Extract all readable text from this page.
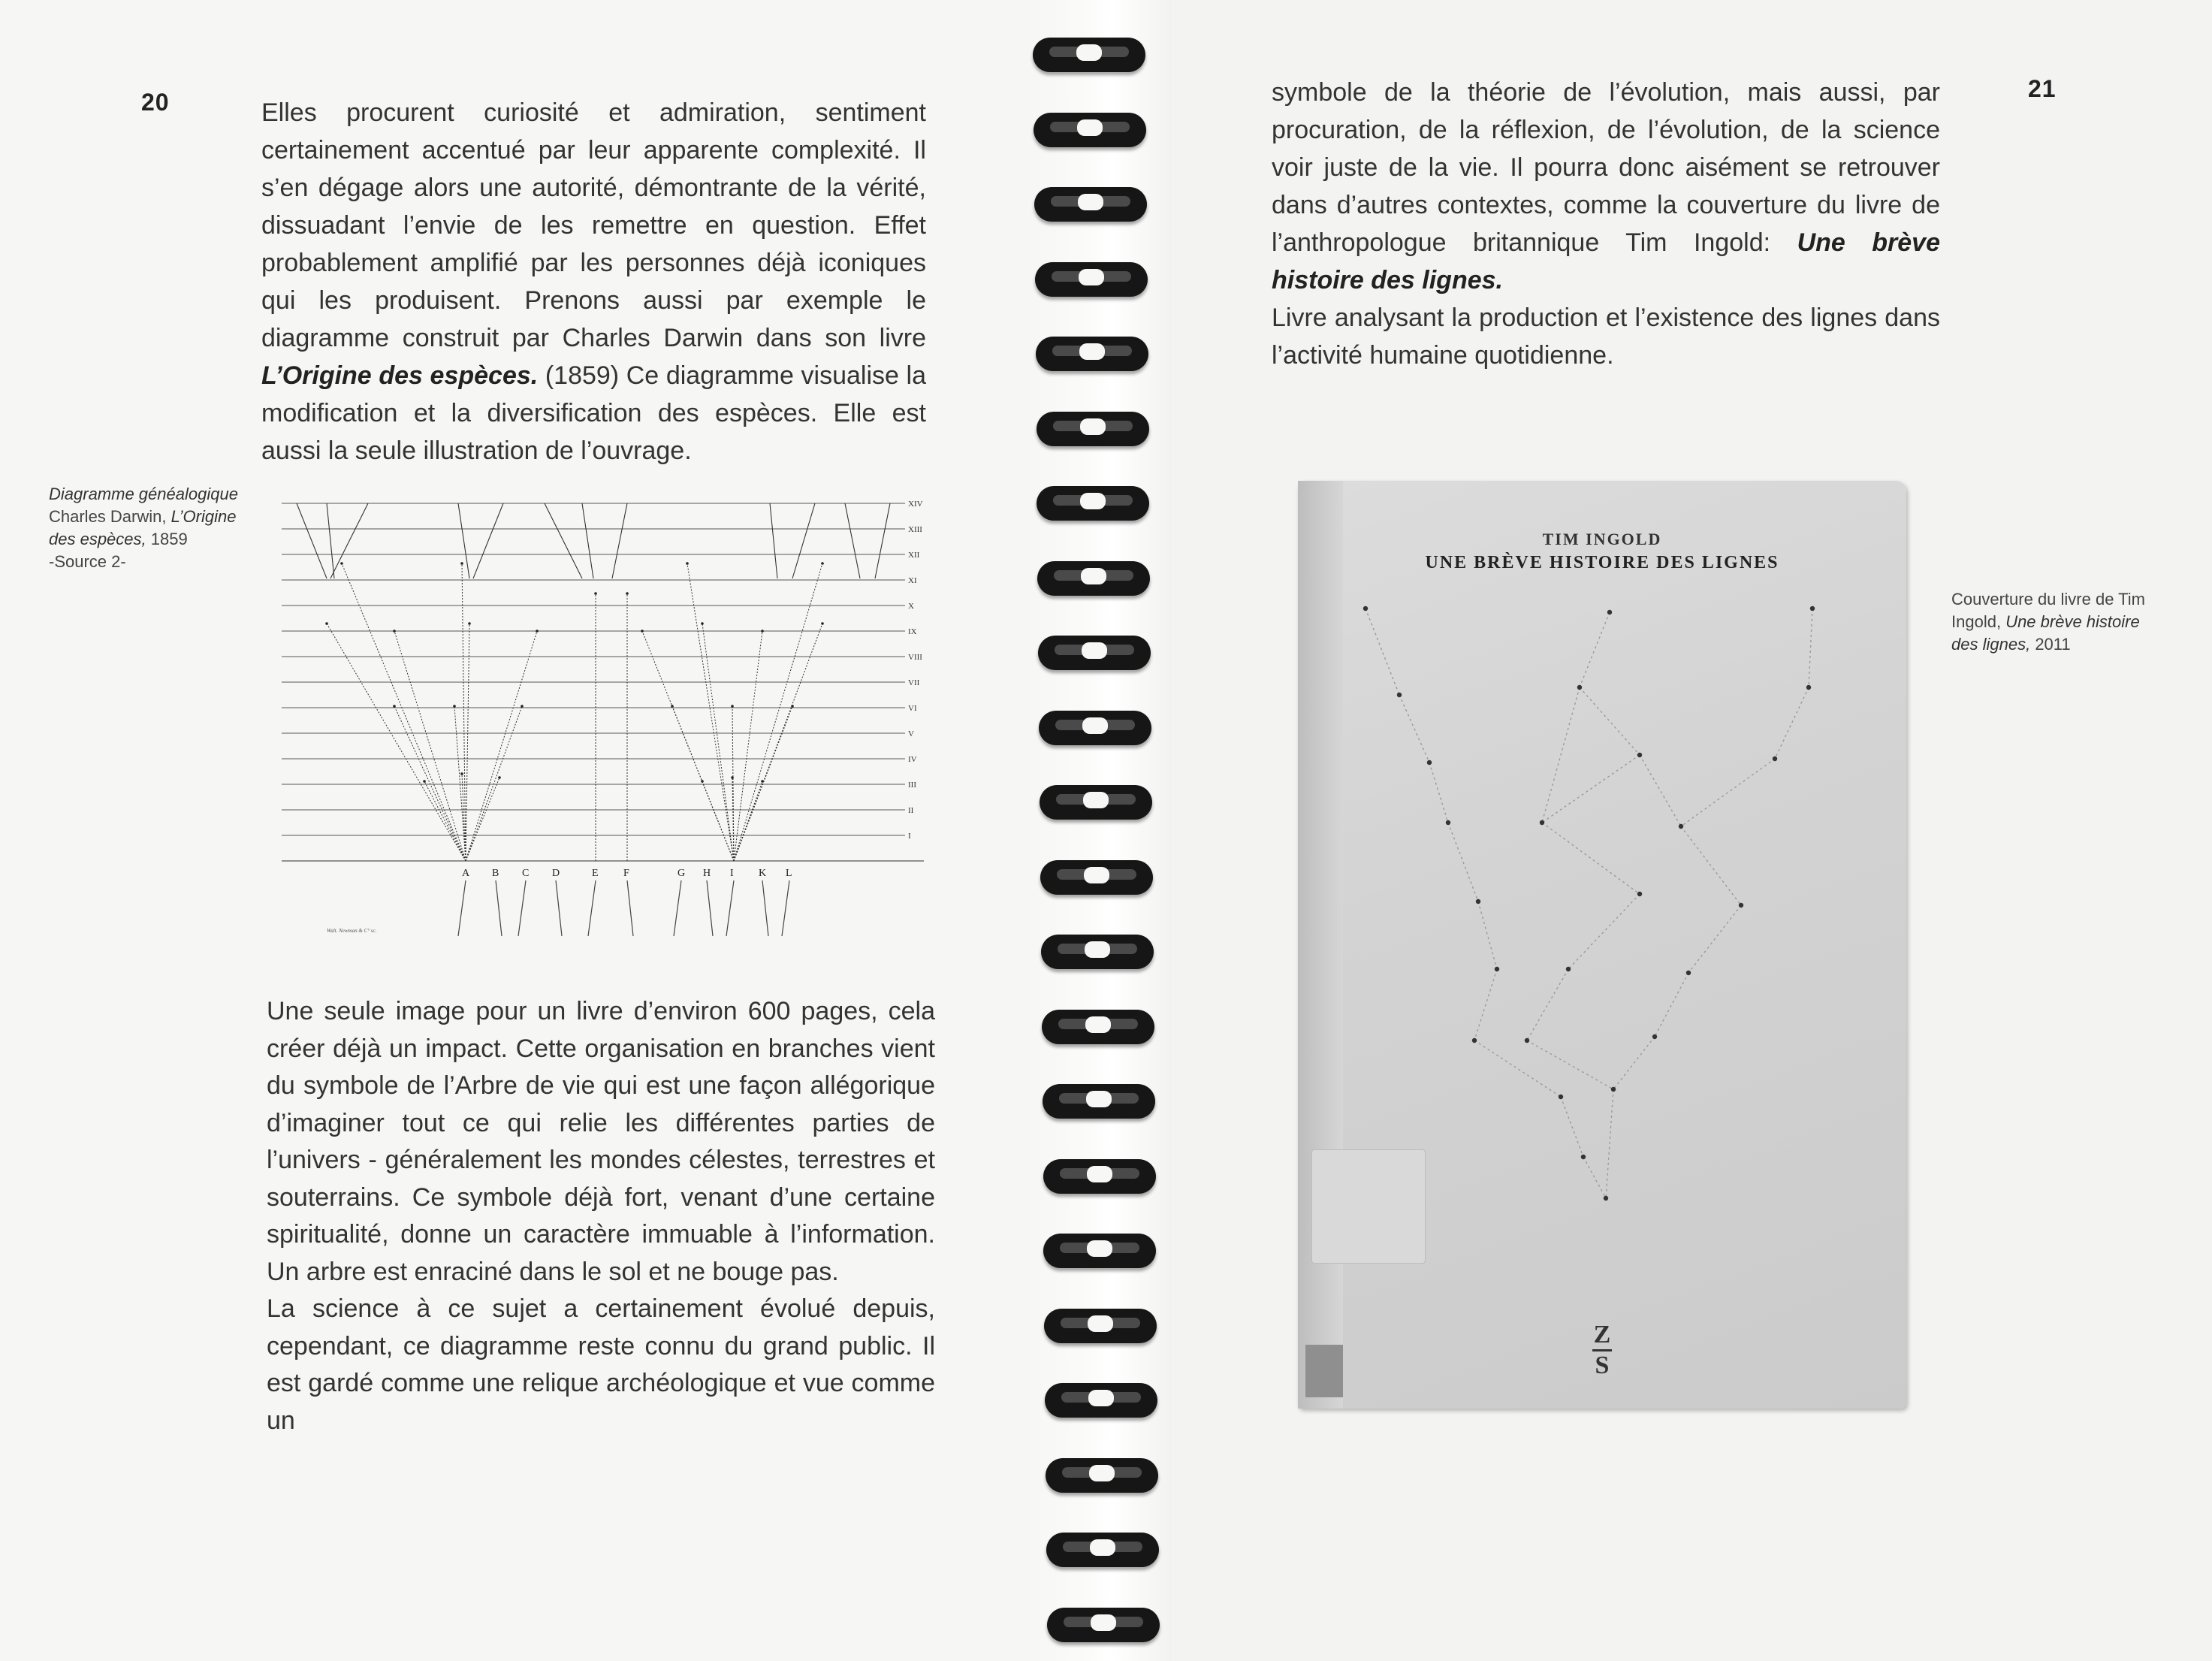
20	Elles procurent curiosité et admiration, sentiment certainement accentué par leur apparente complexité. Il s’en dégage alors une autorité, démontrante de la vérité, dissuadant l’envie de les remettre en question. Effet probablement amplifié par les personnes déjà iconiques qui les produisent. Prenons aussi par exemple le diagramme construit par Charles Darwin dans son livre L’Origine des espèces. (1859) Ce diagramme visualise la modification et la diversification des espèces. Elle est aussi la seule illustration de l’ouvrage.

Diagramme généalogique
Charles Darwin, L’Origine
des espèces, 1859
-Source 2-
XIV
XIII
XII
XI
X
IX
VIII
VII
VI
V
IV
III
II
I
A B C D	E F	G H I K L
Walt. Newman & C° sc.

Une seule image pour un livre d’environ 600 pages, cela créer déjà un impact. Cette organisation en branches vient du symbole de l’Arbre de vie qui est une façon allégorique d’imaginer tout ce qui relie les différentes parties de l’univers - généralement les mondes célestes, terrestres et souterrains. Ce symbole déjà fort, venant d’une certaine spiritualité, donne un caractère immuable à l’information. Un arbre est enraciné dans le sol et ne bouge pas.

La science à ce sujet a certainement évolué depuis, cependant, ce diagramme reste connu du grand public. Il est gardé comme une relique archéologique et vue comme un

21

symbole de la théorie de l’évolution, mais aussi, par procuration, de la réflexion, de l’évolution, de la science voir juste de la vie. Il pourra donc aisément se retrouver dans d’autres contextes, comme la couverture du livre de l’anthropologue britannique Tim Ingold: Une brève histoire des lignes.

Livre analysant la production et l’existence des lignes dans l’activité humaine quotidienne.

Couverture du livre de Tim Ingold, Une brève histoire des lignes, 2011
TIM INGOLD
UNE BRÈVE HISTOIRE DES LIGNES
Z
S
